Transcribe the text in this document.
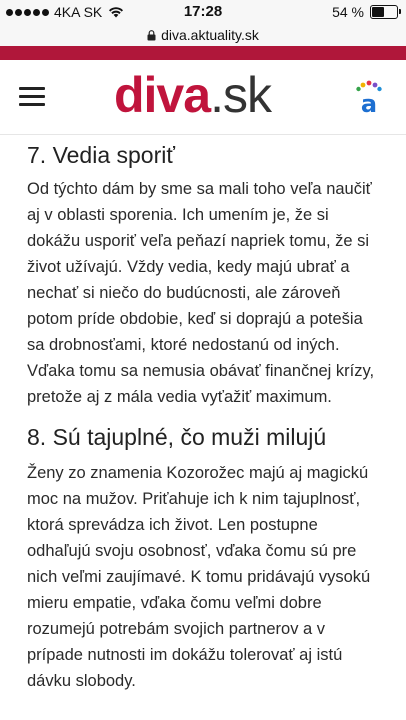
4KA SK	17:28	54 %
diva.aktuality.sk
diva .sk	a
7. Vedia sporiť

Od týchto dám by sme sa mali toho veľa naučiť aj v oblasti sporenia. Ich umením je, že si dokážu usporiť veľa peňazí napriek tomu, že si život užívajú. Vždy vedia, kedy majú ubrať a nechať si niečo do budúcnosti, ale zároveň potom príde obdobie, keď si doprajú a potešia sa drobnosťami, ktoré nedostanú od iných. Vďaka tomu sa nemusia obávať finančnej krízy, pretože aj z mála vedia vyťažiť maximum.

8. Sú tajuplné, čo muži milujú

Ženy zo znamenia Kozorožec majú aj magickú moc na mužov. Priťahuje ich k nim tajuplnosť, ktorá sprevádza ich život. Len postupne odhaľujú svoju osobnosť, vďaka čomu sú pre nich veľmi zaujímavé. K tomu pridávajú vysokú mieru empatie, vďaka čomu veľmi dobre rozumejú potrebám svojich partnerov a v prípade nutnosti im dokážu tolerovať aj istú dávku slobody.
